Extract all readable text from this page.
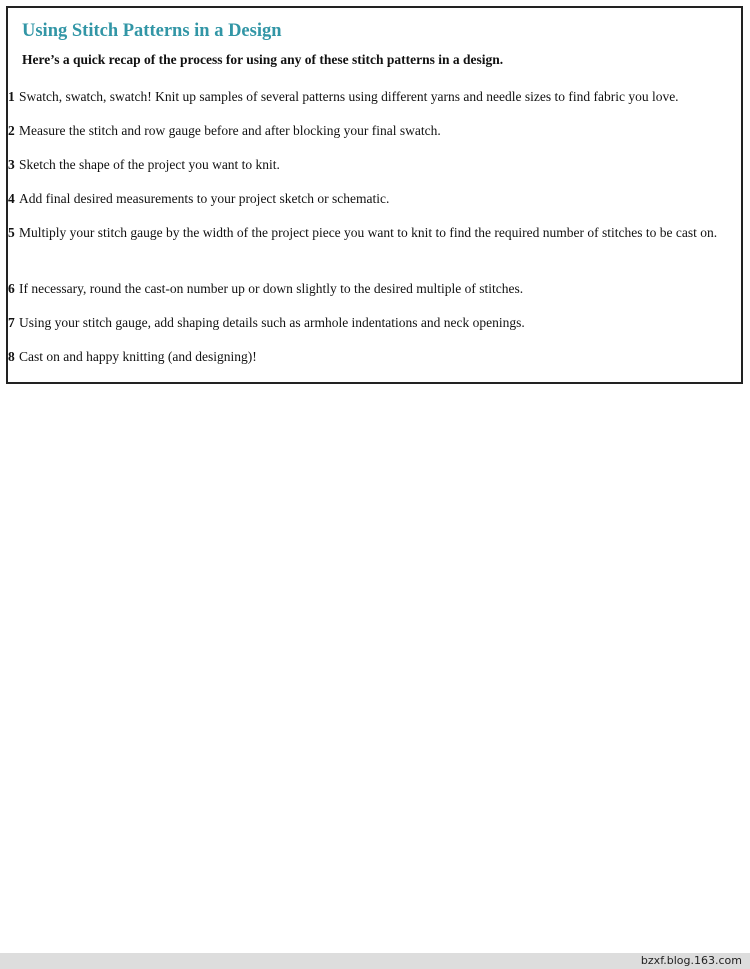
Using Stitch Patterns in a Design

Here’s a quick recap of the process for using any of these stitch patterns in a design.

1 Swatch, swatch, swatch! Knit up samples of several patterns using different yarns and needle sizes to find fabric you love.

2 Measure the stitch and row gauge before and after blocking your final swatch.

3 Sketch the shape of the project you want to knit.

4 Add final desired measurements to your project sketch or schematic.

5 Multiply your stitch gauge by the width of the project piece you want to knit to find the required number of stitches to be cast on.

6 If necessary, round the cast-on number up or down slightly to the desired multiple of stitches.

7 Using your stitch gauge, add shaping details such as armhole indentations and neck openings.

8 Cast on and happy knitting (and designing)!

bzxf.blog.163.com
